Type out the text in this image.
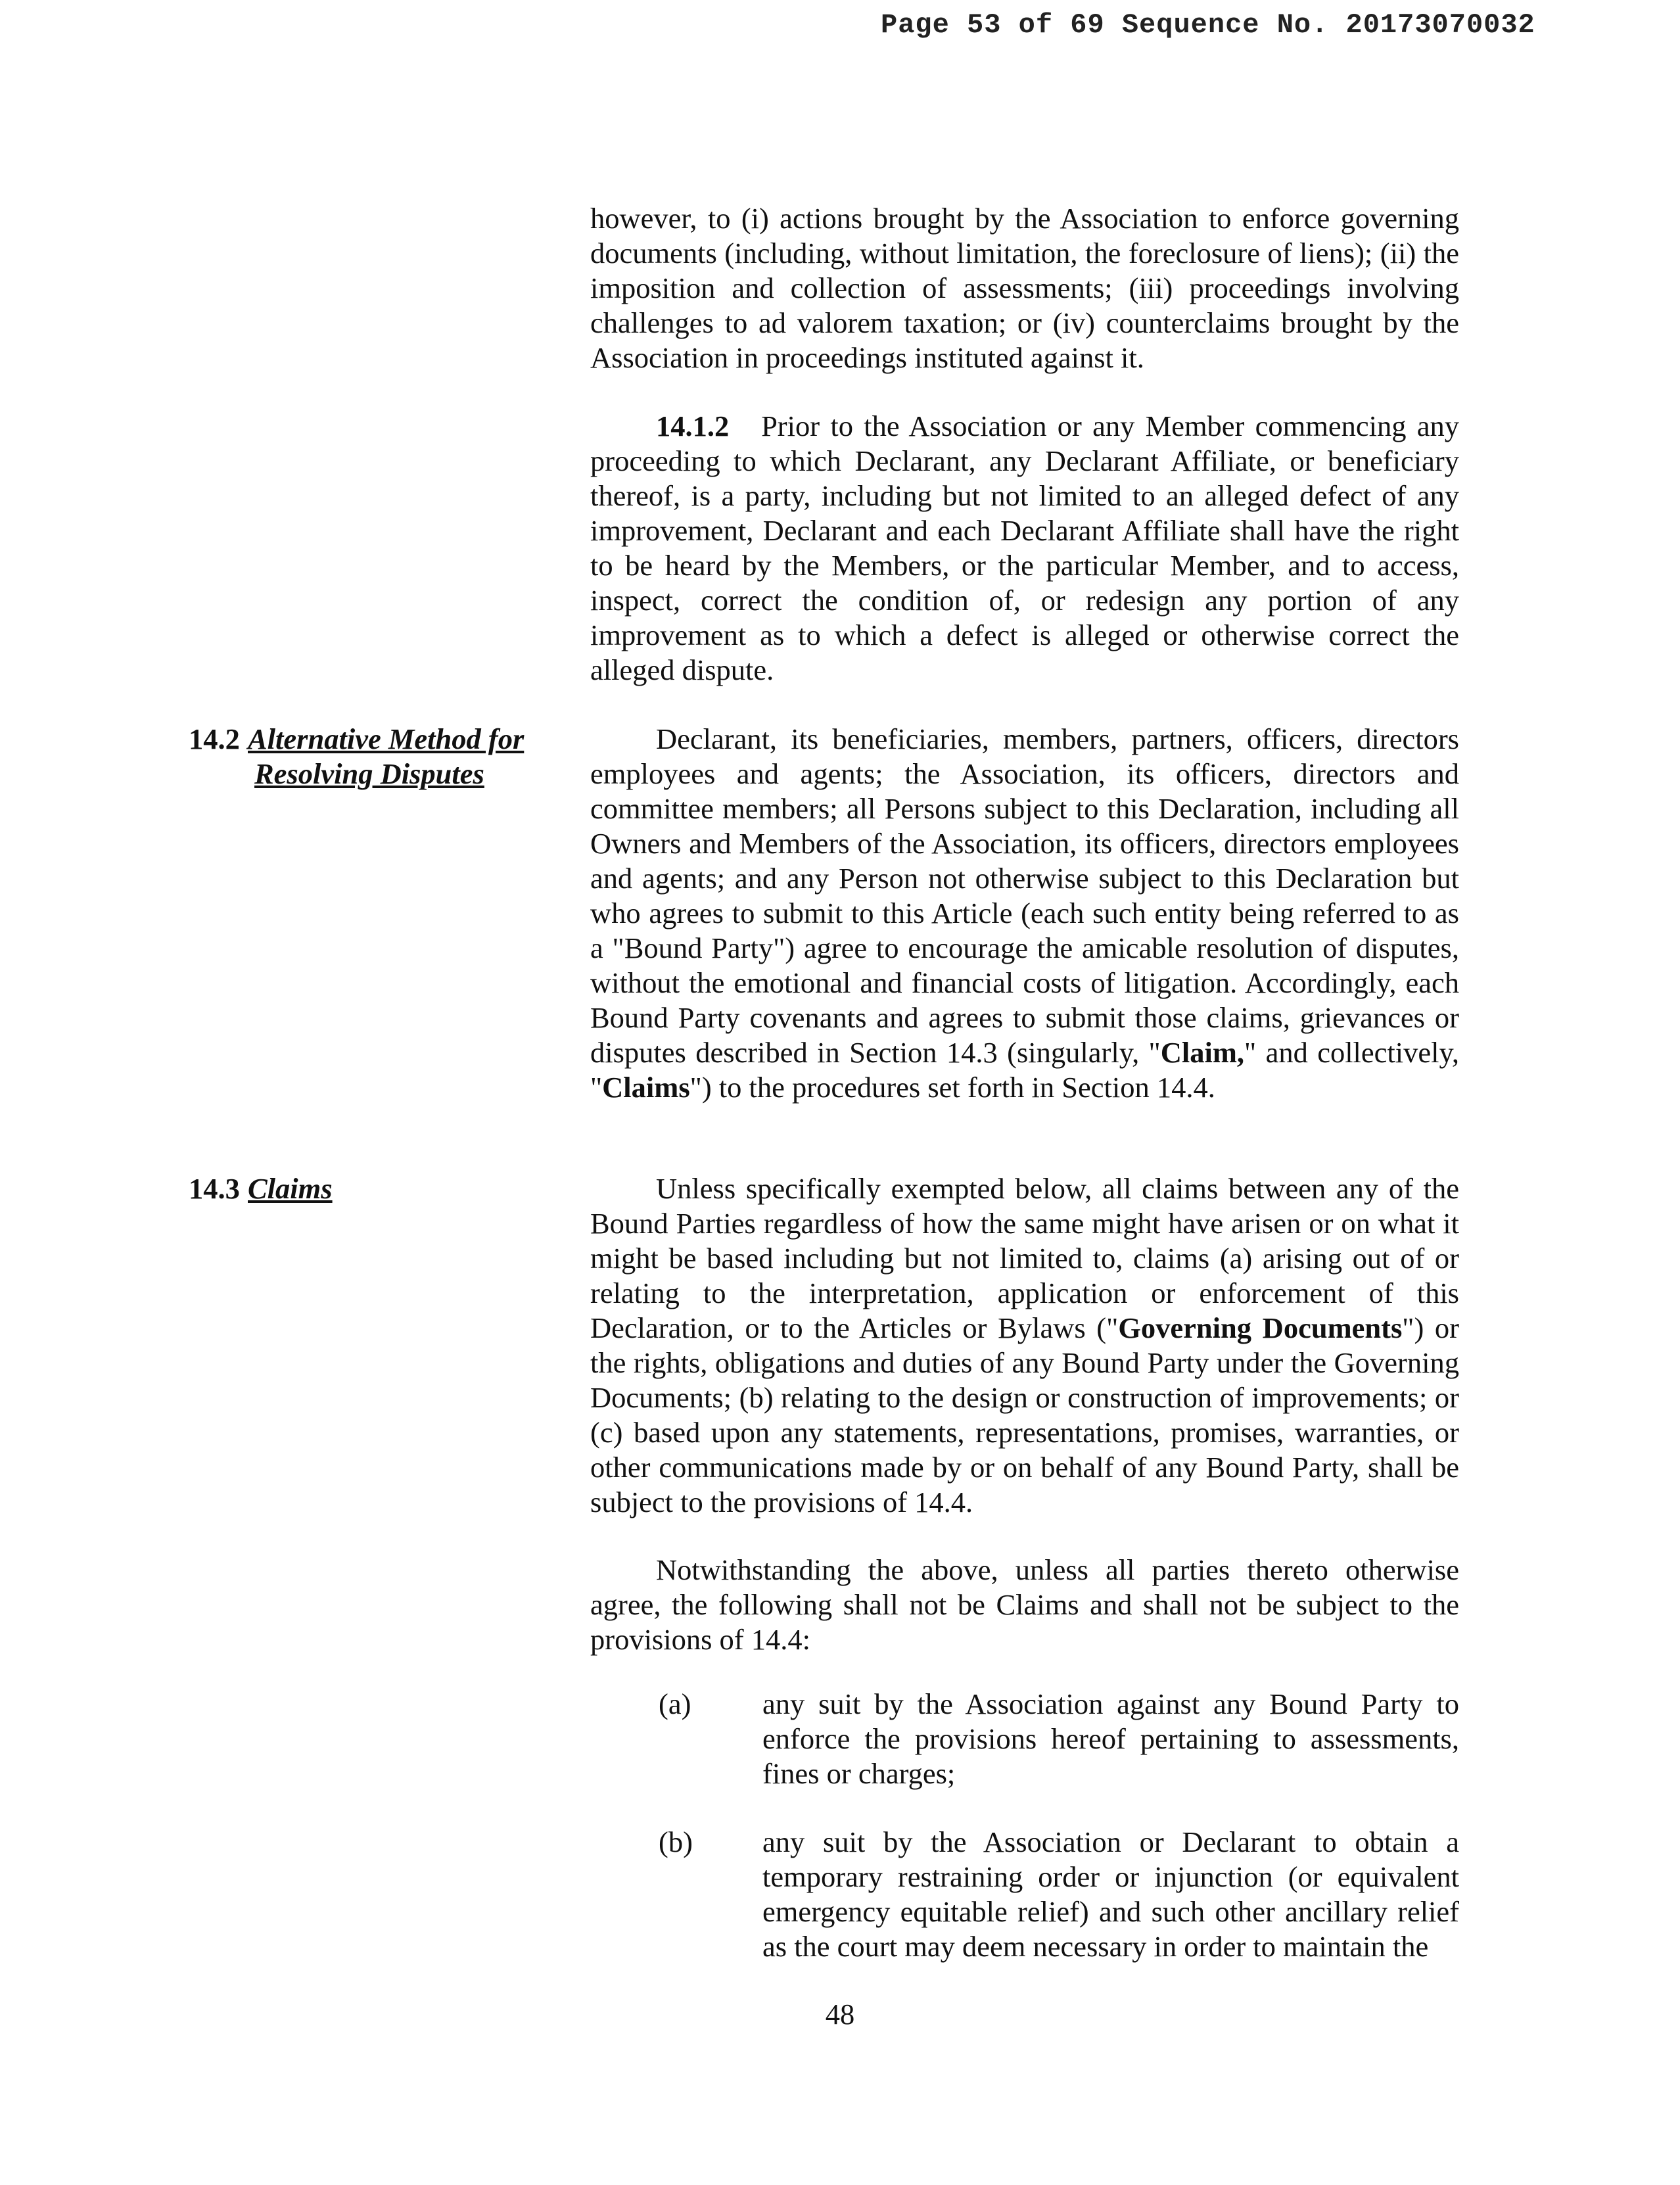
Page 53 of 69 Sequence No. 20173070032
however, to (i) actions brought by the Association to enforce governing documents (including, without limitation, the foreclosure of liens); (ii) the imposition and collection of assessments; (iii) proceedings involving challenges to ad valorem taxation; or (iv) counterclaims brought by the Association in proceedings instituted against it.
14.1.2 Prior to the Association or any Member commencing any proceeding to which Declarant, any Declarant Affiliate, or beneficiary thereof, is a party, including but not limited to an alleged defect of any improvement, Declarant and each Declarant Affiliate shall have the right to be heard by the Members, or the particular Member, and to access, inspect, correct the condition of, or redesign any portion of any improvement as to which a defect is alleged or otherwise correct the alleged dispute.
14.2 Alternative Method for
Resolving Disputes
Declarant, its beneficiaries, members, partners, officers, directors employees and agents; the Association, its officers, directors and committee members; all Persons subject to this Declaration, including all Owners and Members of the Association, its officers, directors employees and agents; and any Person not otherwise subject to this Declaration but who agrees to submit to this Article (each such entity being referred to as a "Bound Party") agree to encourage the amicable resolution of disputes, without the emotional and financial costs of litigation. Accordingly, each Bound Party covenants and agrees to submit those claims, grievances or disputes described in Section 14.3 (singularly, "Claim," and collectively, "Claims") to the procedures set forth in Section 14.4.
14.3 Claims	Unless specifically exempted below, all claims between any of the Bound Parties regardless of how the same might have arisen or on what it might be based including but not limited to, claims (a) arising out of or relating to the interpretation, application or enforcement of this Declaration, or to the Articles or Bylaws ("Governing Documents") or the rights, obligations and duties of any Bound Party under the Governing Documents; (b) relating to the design or construction of improvements; or (c) based upon any statements, representations, promises, warranties, or other communications made by or on behalf of any Bound Party, shall be subject to the provisions of 14.4.
Notwithstanding the above, unless all parties thereto otherwise agree, the following shall not be Claims and shall not be subject to the provisions of 14.4:
(a)	any suit by the Association against any Bound Party to enforce the provisions hereof pertaining to assessments, fines or charges;
(b)	any suit by the Association or Declarant to obtain a temporary restraining order or injunction (or equivalent emergency equitable relief) and such other ancillary relief as the court may deem necessary in order to maintain the
48
